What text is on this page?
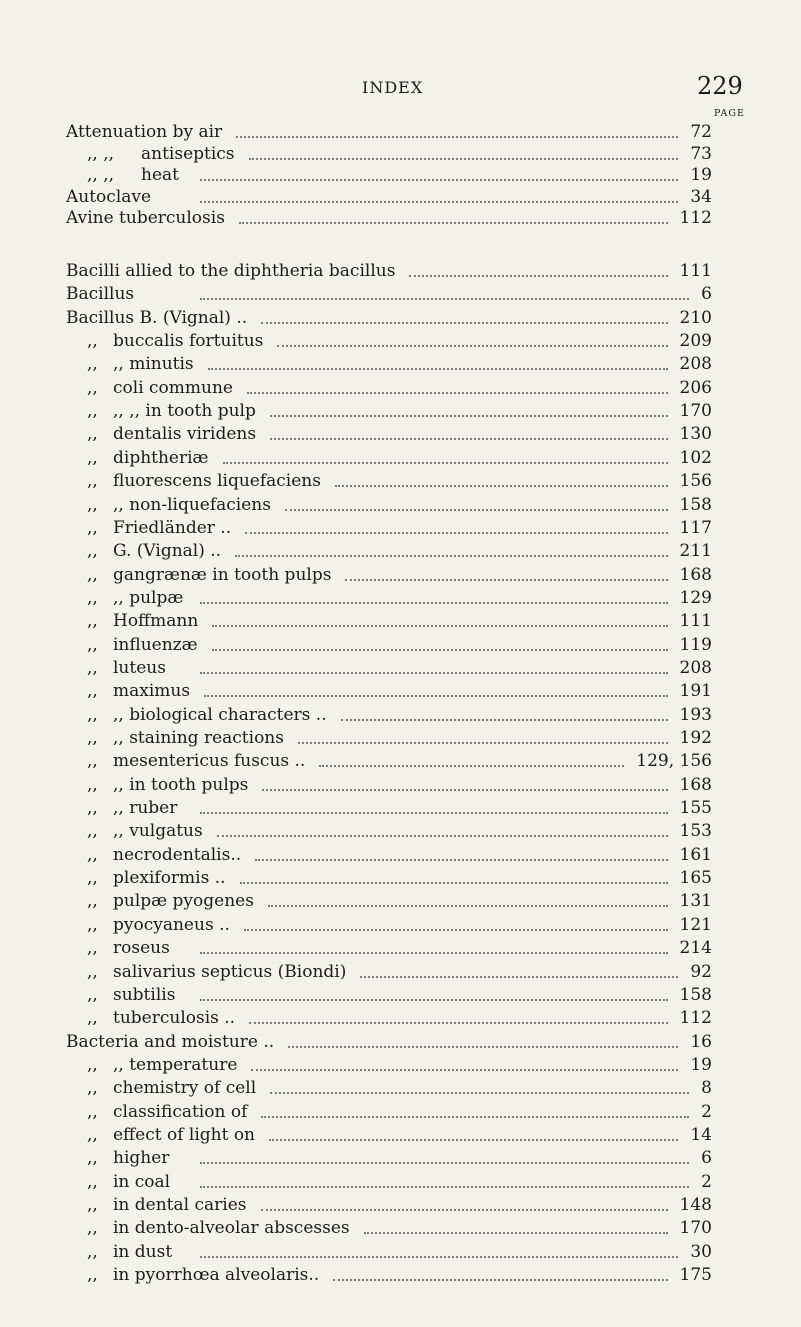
INDEX	229
PAGE
Attenuation by air	72
,, ,, antiseptics	73
,, ,, heat	19
Autoclave	34
Avine tuberculosis	112
Bacilli allied to the diphtheria bacillus	111
Bacillus	6
Bacillus B. (Vignal) ..	210
,, buccalis fortuitus	209
,, ,, minutis	208
,, coli commune	206
,, ,, ,, in tooth pulp	170
,, dentalis viridens	130
,, diphtheriæ	102
,, fluorescens liquefaciens	156
,, ,, non-liquefaciens	158
,, Friedländer ..	117
,, G. (Vignal) ..	211
,, gangrænæ in tooth pulps	168
,, ,, pulpæ	129
,, Hoffmann	111
,, influenzæ	119
,, luteus	208
,, maximus	191
,, ,, biological characters ..	193
,, ,, staining reactions	192
,, mesentericus fuscus ..	129, 156
,, ,, in tooth pulps	168
,, ,, ruber	155
,, ,, vulgatus	153
,, necrodentalis..	161
,, plexiformis ..	165
,, pulpæ pyogenes	131
,, pyocyaneus ..	121
,, roseus	214
,, salivarius septicus (Biondi)	92
,, subtilis	158
,, tuberculosis ..	112
Bacteria and moisture ..	16
,, ,, temperature	19
,, chemistry of cell	8
,, classification of	2
,, effect of light on	14
,, higher	6
,, in coal	2
,, in dental caries	148
,, in dento-alveolar abscesses	170
,, in dust	30
,, in pyorrhœa alveolaris..	175
